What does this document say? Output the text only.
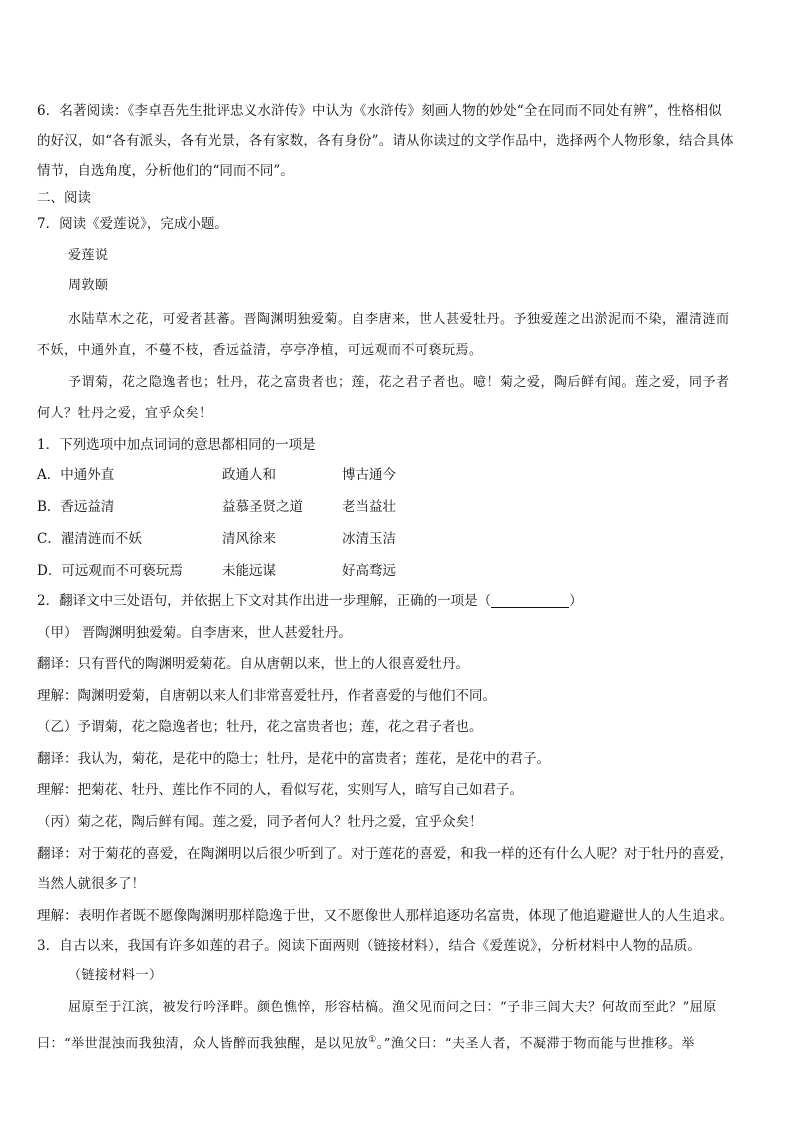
6．名著阅读：《李卓吾先生批评忠义水浒传》中认为《水浒传》刻画人物的妙处“全在同而不同处有辨”，性格相似
的好汉，如“各有派头，各有光景，各有家数，各有身份”。请从你读过的文学作品中，选择两个人物形象，结合具体
情节，自选角度，分析他们的“同而不同”。
二、阅读
7．阅读《爱莲说》，完成小题。
爱莲说
周敦颐
水陆草木之花，可爱者甚蕃。晋陶渊明独爱菊。自李唐来，世人甚爱牡丹。予独爱莲之出淤泥而不染，濯清涟而
不妖，中通外直，不蔓不枝，香远益清，亭亭净植，可远观而不可亵玩焉。
予谓菊，花之隐逸者也；牡丹，花之富贵者也；莲，花之君子者也。噫！菊之爱，陶后鲜有闻。莲之爱，同予者
何人？牡丹之爱，宜乎众矣！
1．下列选项中加点词词的意思都相同的一项是
A．中通外直	政通人和	博古通今
B．香远益清	益慕圣贤之道	老当益壮
C．濯清涟而不妖	清风徐来	冰清玉洁
D．可远观而不可亵玩焉	未能远谋	好高骛远
2．翻译文中三处语句，并依据上下文对其作出进一步理解，正确的一项是（	）
（甲） 晋陶渊明独爱菊。自李唐来，世人甚爱牡丹。
翻译：只有晋代的陶渊明爱菊花。自从唐朝以来，世上的人很喜爱牡丹。
理解：陶渊明爱菊，自唐朝以来人们非常喜爱牡丹，作者喜爱的与他们不同。
（乙）予谓菊，花之隐逸者也；牡丹，花之富贵者也；莲，花之君子者也。
翻译：我认为，菊花，是花中的隐士；牡丹，是花中的富贵者；莲花，是花中的君子。
理解：把菊花、牡丹、莲比作不同的人，看似写花，实则写人，暗写自己如君子。
（丙）菊之花，陶后鲜有闻。莲之爱，同予者何人？牡丹之爱，宜乎众矣！
翻译：对于菊花的喜爱，在陶渊明以后很少听到了。对于莲花的喜爱，和我一样的还有什么人呢？对于牡丹的喜爱，
当然人就很多了！
理解：表明作者既不愿像陶渊明那样隐逸于世，又不愿像世人那样追逐功名富贵，体现了他追避避世人的人生追求。
3．自古以来，我国有许多如莲的君子。阅读下面两则（链接材料），结合《爱莲说》，分析材料中人物的品质。
（链接材料一）
屈原至于江滨，被发行吟泽畔。颜色憔悴，形容枯槁。渔父见而问之曰：“子非三闾大夫？何故而至此？”屈原
曰：“举世混浊而我独清，众人皆醉而我独醒，是以见放①。”渔父曰：“夫圣人者，不凝滞于物而能与世推移。举
